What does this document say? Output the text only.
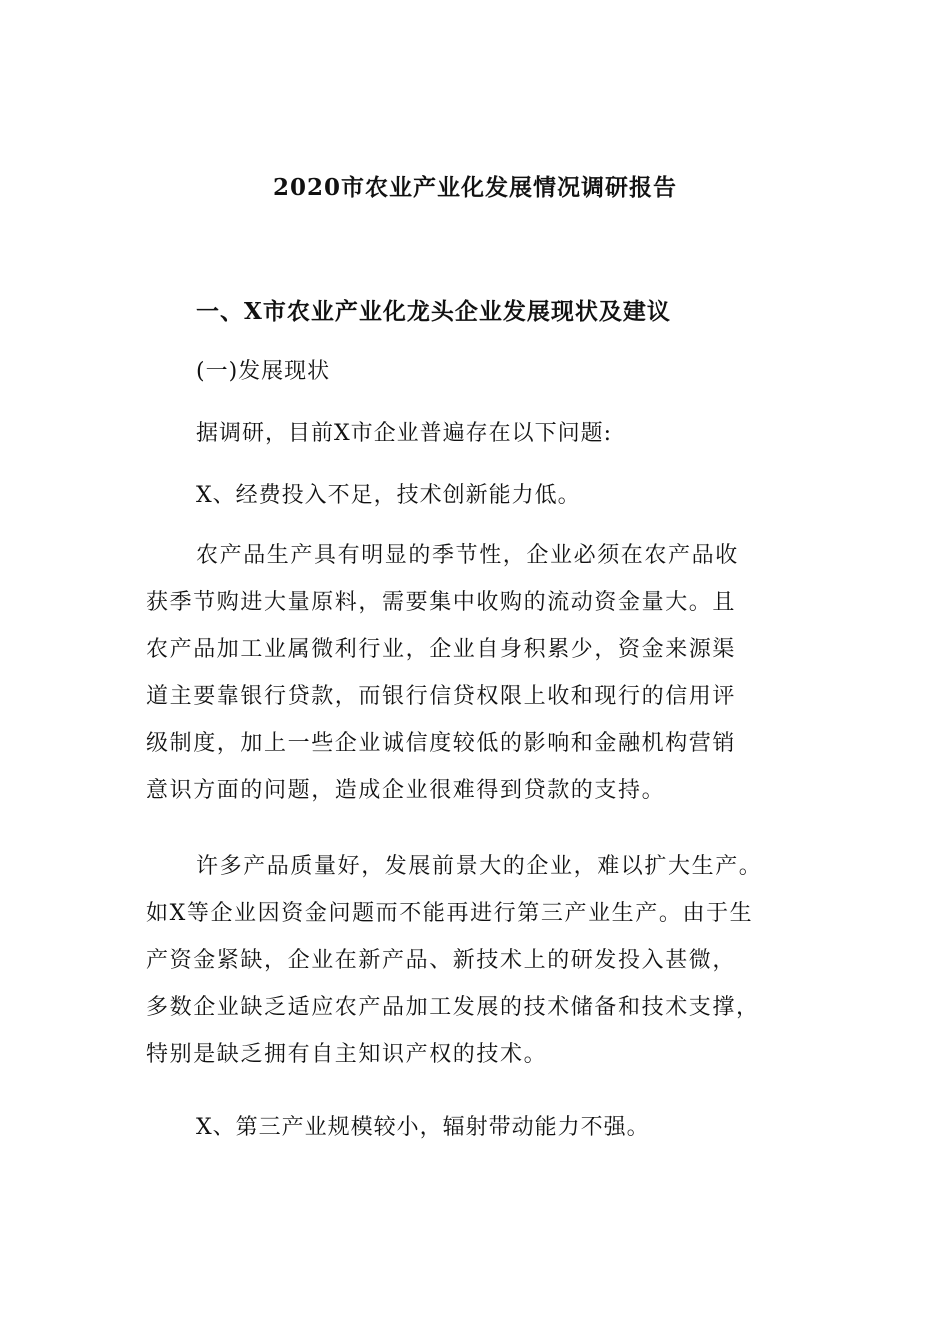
2020市农业产业化发展情况调研报告
一、X市农业产业化龙头企业发展现状及建议
(一)发展现状
据调研，目前X市企业普遍存在以下问题:
X、经费投入不足，技术创新能力低。
农产品生产具有明显的季节性，企业必须在农产品收
获季节购进大量原料，需要集中收购的流动资金量大。且
农产品加工业属微利行业，企业自身积累少，资金来源渠
道主要靠银行贷款，而银行信贷权限上收和现行的信用评
级制度，加上一些企业诚信度较低的影响和金融机构营销
意识方面的问题，造成企业很难得到贷款的支持。
许多产品质量好，发展前景大的企业，难以扩大生产。
如X等企业因资金问题而不能再进行第三产业生产。由于生
产资金紧缺，企业在新产品、新技术上的研发投入甚微，
多数企业缺乏适应农产品加工发展的技术储备和技术支撑，
特别是缺乏拥有自主知识产权的技术。
X、第三产业规模较小，辐射带动能力不强。
